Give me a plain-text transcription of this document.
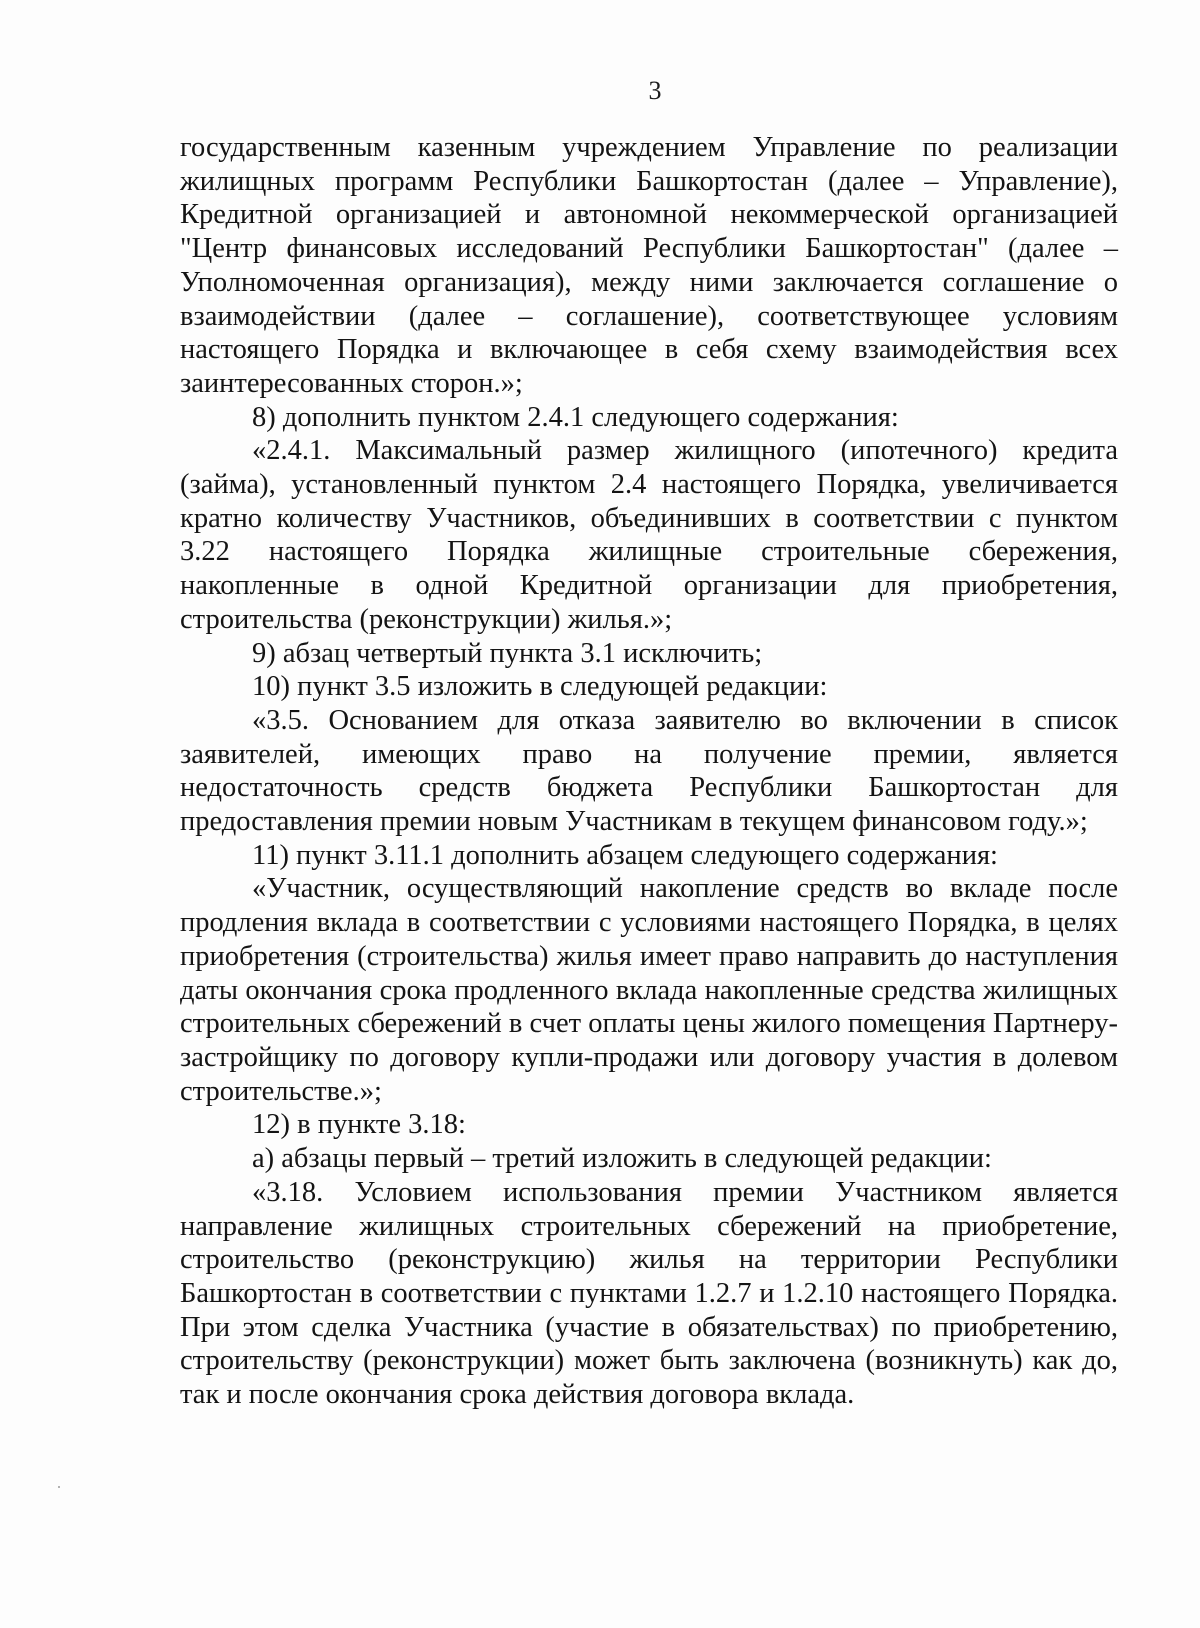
3

государственным казенным учреждением Управление по реализации жилищных программ Республики Башкортостан (далее – Управление), Кредитной организацией и автономной некоммерческой организацией "Центр финансовых исследований Республики Башкортостан" (далее – Уполномоченная организация), между ними заключается соглашение о взаимодействии (далее – соглашение), соответствующее условиям настоящего Порядка и включающее в себя схему взаимодействия всех заинтересованных сторон.»;

8) дополнить пунктом 2.4.1 следующего содержания:

«2.4.1. Максимальный размер жилищного (ипотечного) кредита (займа), установленный пунктом 2.4 настоящего Порядка, увеличивается кратно количеству Участников, объединивших в соответствии с пунктом 3.22 настоящего Порядка жилищные строительные сбережения, накопленные в одной Кредитной организации для приобретения, строительства (реконструкции) жилья.»;

9) абзац четвертый пункта 3.1 исключить;

10) пункт 3.5 изложить в следующей редакции:

«3.5. Основанием для отказа заявителю во включении в список заявителей, имеющих право на получение премии, является недостаточность средств бюджета Республики Башкортостан для предоставления премии новым Участникам в текущем финансовом году.»;

11) пункт 3.11.1 дополнить абзацем следующего содержания:

«Участник, осуществляющий накопление средств во вкладе после продления вклада в соответствии с условиями настоящего Порядка, в целях приобретения (строительства) жилья имеет право направить до наступления даты окончания срока продленного вклада накопленные средства жилищных строительных сбережений в счет оплаты цены жилого помещения Партнеру-застройщику по договору купли-продажи или договору участия в долевом строительстве.»;

12) в пункте 3.18:

а) абзацы первый – третий изложить в следующей редакции:

«3.18. Условием использования премии Участником является направление жилищных строительных сбережений на приобретение, строительство (реконструкцию) жилья на территории Республики Башкортостан в соответствии с пунктами 1.2.7 и 1.2.10 настоящего Порядка. При этом сделка Участника (участие в обязательствах) по приобретению, строительству (реконструкции) может быть заключена (возникнуть) как до, так и после окончания срока действия договора вклада.
